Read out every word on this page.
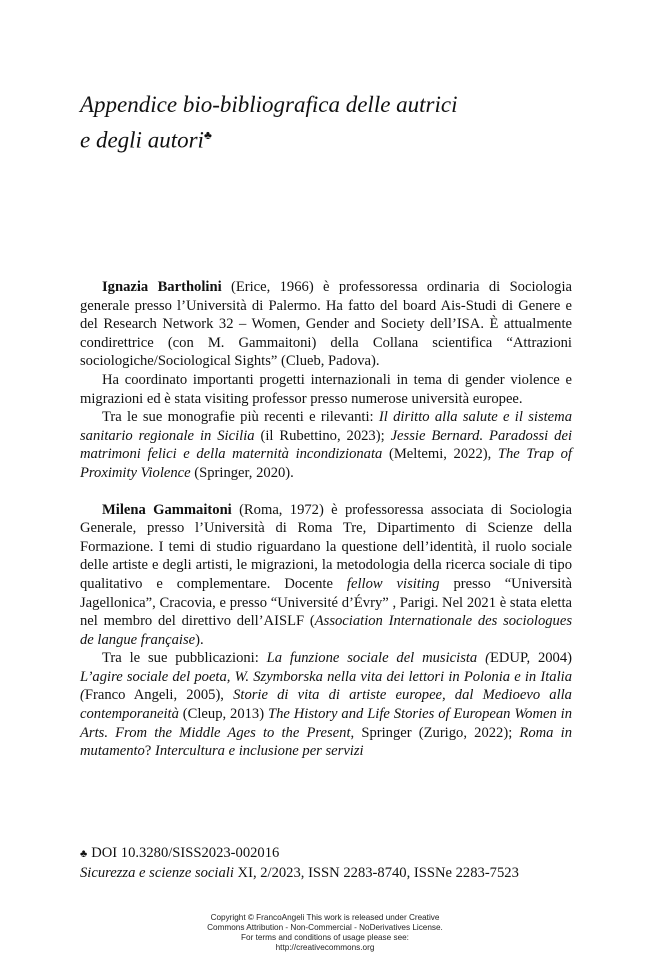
Appendice bio-bibliografica delle autrici
e degli autori♣

Ignazia Bartholini (Erice, 1966) è professoressa ordinaria di Sociologia generale presso l’Università di Palermo. Ha fatto del board Ais-Studi di Genere e del Research Network 32 – Women, Gender and Society dell’ISA. È attualmente condirettrice (con M. Gammaitoni) della Collana scientifica “Attrazioni sociologiche/Sociological Sights” (Clueb, Padova).

Ha coordinato importanti progetti internazionali in tema di gender violence e migrazioni ed è stata visiting professor presso numerose università europee.

Tra le sue monografie più recenti e rilevanti: Il diritto alla salute e il sistema sanitario regionale in Sicilia (il Rubettino, 2023); Jessie Bernard. Paradossi dei matrimoni felici e della maternità incondizionata (Meltemi, 2022), The Trap of Proximity Violence (Springer, 2020).

Milena Gammaitoni (Roma, 1972) è professoressa associata di Sociologia Generale, presso l’Università di Roma Tre, Dipartimento di Scienze della Formazione. I temi di studio riguardano la questione dell’identità, il ruolo sociale delle artiste e degli artisti, le migrazioni, la metodologia della ricerca sociale di tipo qualitativo e complementare. Docente fellow visiting presso “Università Jagellonica”, Cracovia, e presso “Université d’Évry” , Parigi. Nel 2021 è stata eletta nel membro del direttivo dell’AISLF (Association Internationale des sociologues de langue française).

Tra le sue pubblicazioni: La funzione sociale del musicista (EDUP, 2004) L’agire sociale del poeta, W. Szymborska nella vita dei lettori in Polonia e in Italia (Franco Angeli, 2005), Storie di vita di artiste europee, dal Medioevo alla contemporaneità (Cleup, 2013) The History and Life Stories of European Women in Arts. From the Middle Ages to the Present, Springer (Zurigo, 2022); Roma in mutamento? Intercultura e inclusione per servizi

♣ DOI 10.3280/SISS2023-002016
Sicurezza e scienze sociali XI, 2/2023, ISSN 2283-8740, ISSNe 2283-7523
Copyright © FrancoAngeli This work is released under Creative
Commons Attribution - Non-Commercial - NoDerivatives License.
For terms and conditions of usage please see:
http://creativecommons.org
